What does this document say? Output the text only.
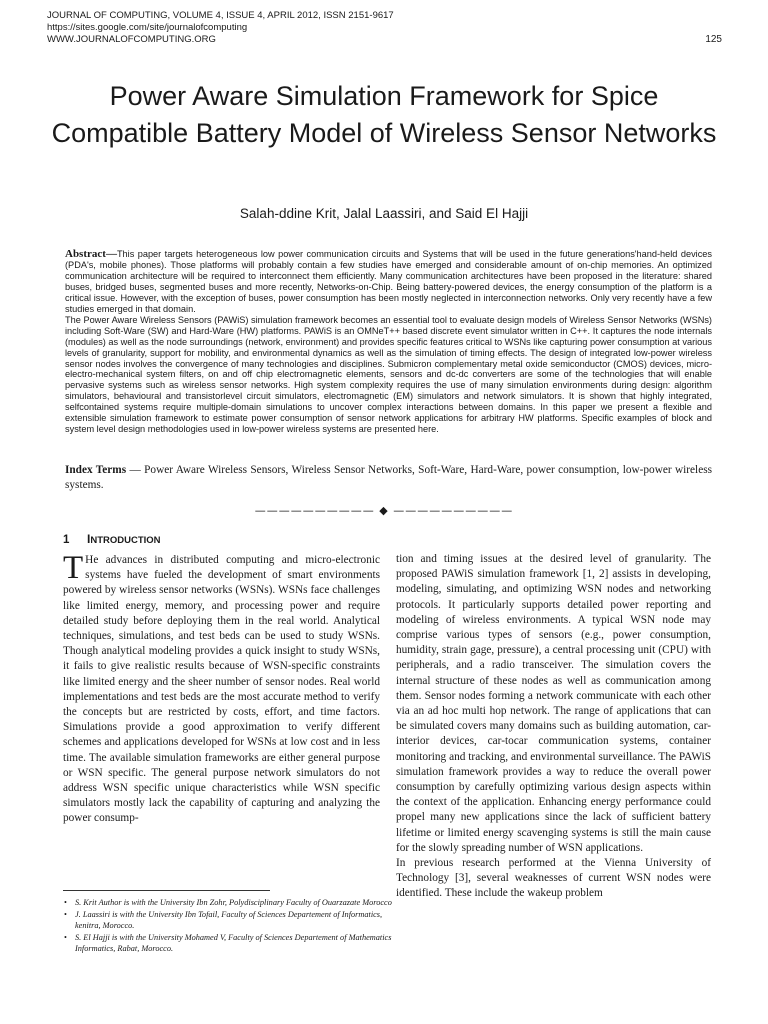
JOURNAL OF COMPUTING, VOLUME 4, ISSUE 4, APRIL 2012, ISSN 2151-9617
https://sites.google.com/site/journalofcomputing
WWW.JOURNALOFCOMPUTING.ORG	125
Power Aware Simulation Framework for Spice Compatible Battery Model of Wireless Sensor Networks
Salah-ddine Krit, Jalal Laassiri, and Said El Hajji

Abstract—This paper targets heterogeneous low power communication circuits and Systems that will be used in the future generations'hand-held devices (PDA's, mobile phones). Those platforms will probably contain a few studies have emerged and considerable amount of on-chip memories. An optimized communication architecture will be required to interconnect them efficiently. Many communication architectures have been proposed in the literature: shared buses, bridged buses, segmented buses and more recently, Networks-on-Chip. Being battery-powered devices, the energy consumption of the platform is a critical issue. However, with the exception of buses, power consumption has been mostly neglected in interconnection networks. Only very recently have a few studies emerged in that domain.

The Power Aware Wireless Sensors (PAWiS) simulation framework becomes an essential tool to evaluate design models of Wireless Sensor Networks (WSNs) including Soft-Ware (SW) and Hard-Ware (HW) platforms. PAWiS is an OMNeT++ based discrete event simulator written in C++. It captures the node internals (modules) as well as the node surroundings (network, environment) and provides specific features critical to WSNs like capturing power consumption at various levels of granularity, support for mobility, and environmental dynamics as well as the simulation of timing effects. The design of integrated low-power wireless sensor nodes involves the convergence of many technologies and disciplines. Submicron complementary metal oxide semiconductor (CMOS) devices, micro-electro-mechanical system filters, on and off chip electromagnetic elements, sensors and dc-dc converters are some of the technologies that will enable pervasive systems such as wireless sensor networks. High system complexity requires the use of many simulation environments during design: algorithm simulators, behavioural and transistorlevel circuit simulators, electromagnetic (EM) simulators and network simulators. It is shown that highly integrated, selfcontained systems require multiple-domain simulations to uncover complex interactions between domains. In this paper we present a flexible and extensible simulation framework to estimate power consumption of sensor network applications for arbitrary HW platforms. Specific examples of block and system level design methodologies used in low-power wireless systems are presented here.

Index Terms — Power Aware Wireless Sensors, Wireless Sensor Networks, Soft-Ware, Hard-Ware, power consumption, low-power wireless systems.
—————————— ◆ ——————————
1 INTRODUCTION

T He advances in distributed computing and micro-electronic systems have fueled the development of smart environments powered by wireless sensor networks (WSNs). WSNs face challenges like limited energy, memory, and processing power and require detailed study before deploying them in the real world. Analytical techniques, simulations, and test beds can be used to study WSNs. Though analytical modeling provides a quick insight to study WSNs, it fails to give realistic results because of WSN-specific constraints like limited energy and the sheer number of sensor nodes. Real world implementations and test beds are the most accurate method to verify the concepts but are restricted by costs, effort, and time factors. Simulations provide a good approximation to verify different schemes and applications developed for WSNs at low cost and in less time. The available simulation frameworks are either general purpose or WSN specific. The general purpose network simulators do not address WSN specific unique characteristics while WSN specific simulators mostly lack the capability of capturing and analyzing the power consump-

tion and timing issues at the desired level of granularity. The proposed PAWiS simulation framework [1, 2] assists in developing, modeling, simulating, and optimizing WSN nodes and networking protocols. It particularly supports detailed power reporting and modeling of wireless environments. A typical WSN node may comprise various types of sensors (e.g., power consumption, humidity, strain gage, pressure), a central processing unit (CPU) with peripherals, and a radio transceiver. The simulation covers the internal structure of these nodes as well as communication among them. Sensor nodes forming a network communicate with each other via an ad hoc multi hop network. The range of applications that can be simulated covers many domains such as building automation, car-interior devices, car-tocar communication systems, container monitoring and tracking, and environmental surveillance. The PAWiS simulation framework provides a way to reduce the overall power consumption by carefully optimizing various design aspects within the context of the application. Enhancing energy performance could propel many new applications since the lack of sufficient battery lifetime or limited energy scavenging systems is still the main cause for the slowly spreading number of WSN applications.

In previous research performed at the Vienna University of Technology [3], several weaknesses of current WSN nodes were identified. These include the wakeup problem

• S. Krit Author is with the University Ibn Zohr, Polydisciplinary Faculty of Ouarzazate Morocco
• J. Laassiri is with the University Ibn Tofail, Faculty of Sciences Departement of Informatics, kenitra, Morocco.
• S. El Hajji is with the University Mohamed V, Faculty of Sciences Departement of Mathematics Informatics, Rabat, Morocco.
